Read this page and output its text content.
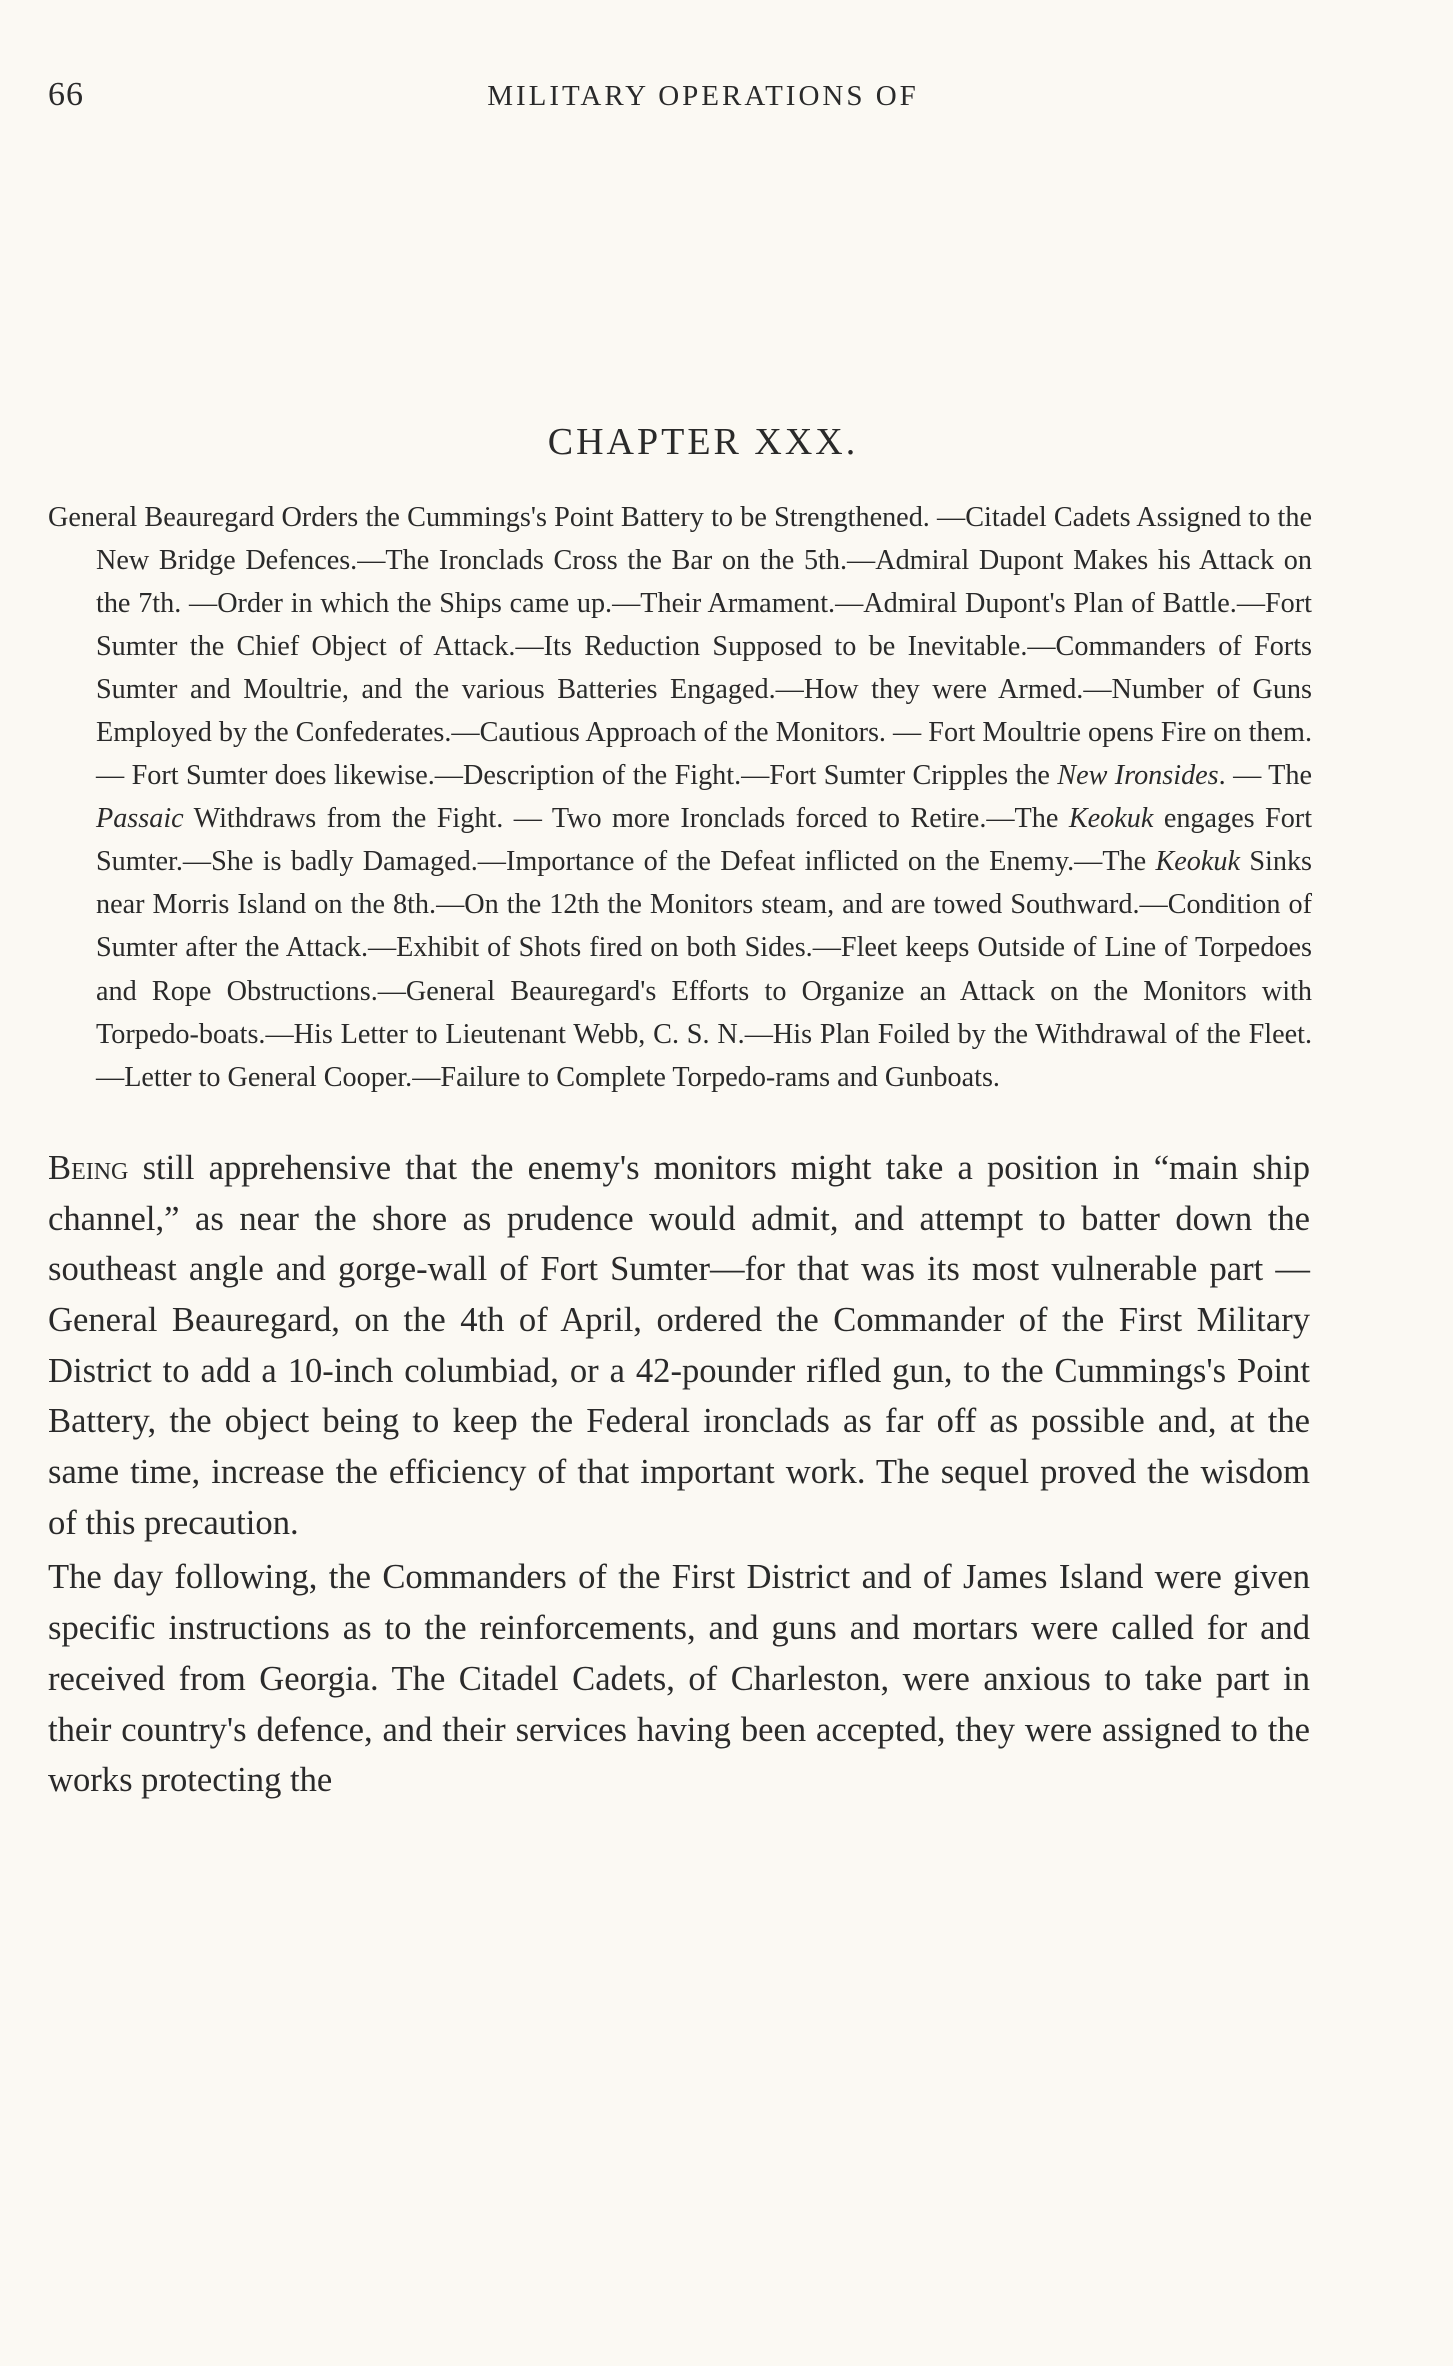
66	MILITARY OPERATIONS OF
CHAPTER XXX.
General Beauregard Orders the Cummings's Point Battery to be Strengthened. —Citadel Cadets Assigned to the New Bridge Defences.—The Ironclads Cross the Bar on the 5th.—Admiral Dupont Makes his Attack on the 7th. —Order in which the Ships came up.—Their Armament.—Admiral Dupont's Plan of Battle.—Fort Sumter the Chief Object of Attack.—Its Reduction Supposed to be Inevitable.—Commanders of Forts Sumter and Moultrie, and the various Batteries Engaged.—How they were Armed.—Number of Guns Employed by the Confederates.—Cautious Approach of the Monitors. — Fort Moultrie opens Fire on them. — Fort Sumter does likewise.—Description of the Fight.—Fort Sumter Cripples the New Ironsides. — The Passaic Withdraws from the Fight. — Two more Ironclads forced to Retire.—The Keokuk engages Fort Sumter.—She is badly Damaged.—Importance of the Defeat inflicted on the Enemy.—The Keokuk Sinks near Morris Island on the 8th.—On the 12th the Monitors steam, and are towed Southward.—Condition of Sumter after the Attack.—Exhibit of Shots fired on both Sides.—Fleet keeps Outside of Line of Torpedoes and Rope Obstructions.—General Beauregard's Efforts to Organize an Attack on the Monitors with Torpedo-boats.—His Letter to Lieutenant Webb, C. S. N.—His Plan Foiled by the Withdrawal of the Fleet.—Letter to General Cooper.—Failure to Complete Torpedo-rams and Gunboats.

Being still apprehensive that the enemy's monitors might take a position in “main ship channel,” as near the shore as prudence would admit, and attempt to batter down the southeast angle and gorge-wall of Fort Sumter—for that was its most vulnerable part —General Beauregard, on the 4th of April, ordered the Commander of the First Military District to add a 10-inch columbiad, or a 42-pounder rifled gun, to the Cummings's Point Battery, the object being to keep the Federal ironclads as far off as possible and, at the same time, increase the efficiency of that important work. The sequel proved the wisdom of this precaution.

The day following, the Commanders of the First District and of James Island were given specific instructions as to the reinforcements, and guns and mortars were called for and received from Georgia. The Citadel Cadets, of Charleston, were anxious to take part in their country's defence, and their services having been accepted, they were assigned to the works protecting the
